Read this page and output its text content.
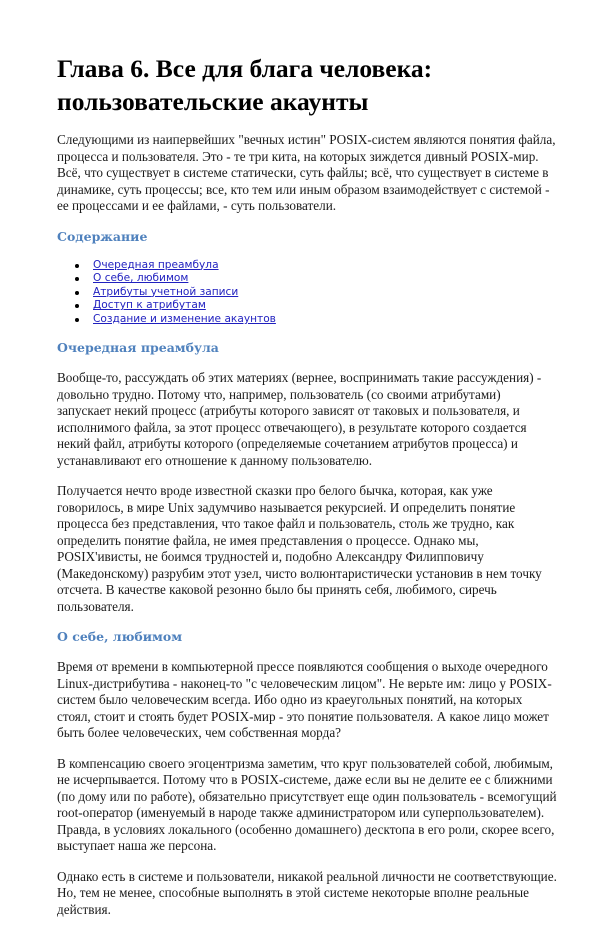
Глава 6. Все для блага человека: пользовательские акаунты

Следующими из наипервейших "вечных истин" POSIX-систем являются понятия файла, процесса и пользователя. Это - те три кита, на которых зиждется дивный POSIX-мир. Всё, что существует в системе статически, суть файлы; всё, что существует в системе в динамике, суть процессы; все, кто тем или иным образом взаимодействует с системой - ее процессами и ее файлами, - суть пользователи.

Содержание
Очередная преамбула
О себе, любимом
Атрибуты учетной записи
Доступ к атрибутам
Создание и изменение акаунтов
Очередная преамбула

Вообще-то, рассуждать об этих материях (вернее, воспринимать такие рассуждения) - довольно трудно. Потому что, например, пользователь (со своими атрибутами) запускает некий процесс (атрибуты которого зависят от таковых и пользователя, и исполнимого файла, за этот процесс отвечающего), в результате которого создается некий файл, атрибуты которого (определяемые сочетанием атрибутов процесса) и устанавливают его отношение к данному пользователю.

Получается нечто вроде известной сказки про белого бычка, которая, как уже говорилось, в мире Unix задумчиво называется рекурсией. И определить понятие процесса без представления, что такое файл и пользователь, столь же трудно, как определить понятие файла, не имея представления о процессе. Однако мы, POSIX'ивисты, не боимся трудностей и, подобно Александру Филипповичу (Македонскому) разрубим этот узел, чисто волюнтаристически установив в нем точку отсчета. В качестве каковой резонно было бы принять себя, любимого, сиречь пользователя.

О себе, любимом

Время от времени в компьютерной прессе появляются сообщения о выходе очередного Linux-дистрибутива - наконец-то "с человеческим лицом". Не верьте им: лицо у POSIX-систем было человеческим всегда. Ибо одно из краеугольных понятий, на которых стоял, стоит и стоять будет POSIX-мир - это понятие пользователя. А какое лицо может быть более человеческих, чем собственная морда?

В компенсацию своего эгоцентризма заметим, что круг пользователей собой, любимым, не исчерпывается. Потому что в POSIX-системе, даже если вы не делите ее с ближними (по дому или по работе), обязательно присутствует еще один пользователь - всемогущий root-оператор (именуемый в народе также администратором или суперпользователем). Правда, в условиях локального (особенно домашнего) десктопа в его роли, скорее всего, выступает наша же персона.

Однако есть в системе и пользователи, никакой реальной личности не соответствующие. Но, тем не менее, способные выполнять в этой системе некоторые вполне реальные действия.
